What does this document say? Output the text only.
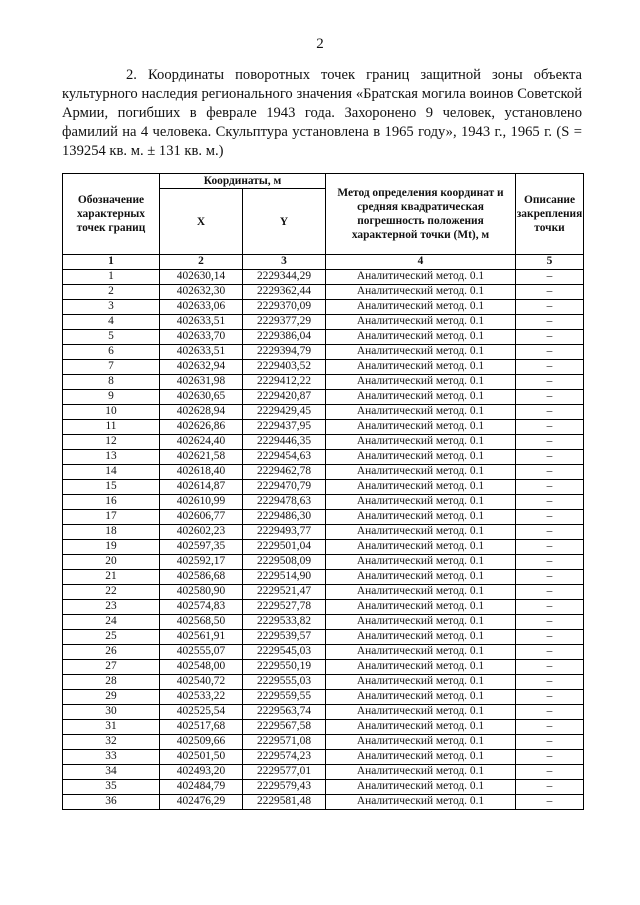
2
2. Координаты поворотных точек границ защитной зоны объекта культурного наследия регионального значения «Братская могила воинов Советской Армии, погибших в феврале 1943 года. Захоронено 9 человек, установлено фамилий на 4 человека. Скульптура установлена в 1965 году», 1943 г., 1965 г. (S = 139254 кв. м. ± 131 кв. м.)
Обозначение характерных точек границ	Координаты, м		Метод определения координат и средняя квадратическая погрешность положения характерной точки (Мt), м	Описание закрепления точки
	X	Y		
1	2	3	4	5
1	402630,14	2229344,29	Аналитический метод. 0.1	–
2	402632,30	2229362,44	Аналитический метод. 0.1	–
3	402633,06	2229370,09	Аналитический метод. 0.1	–
4	402633,51	2229377,29	Аналитический метод. 0.1	–
5	402633,70	2229386,04	Аналитический метод. 0.1	–
6	402633,51	2229394,79	Аналитический метод. 0.1	–
7	402632,94	2229403,52	Аналитический метод. 0.1	–
8	402631,98	2229412,22	Аналитический метод. 0.1	–
9	402630,65	2229420,87	Аналитический метод. 0.1	–
10	402628,94	2229429,45	Аналитический метод. 0.1	–
11	402626,86	2229437,95	Аналитический метод. 0.1	–
12	402624,40	2229446,35	Аналитический метод. 0.1	–
13	402621,58	2229454,63	Аналитический метод. 0.1	–
14	402618,40	2229462,78	Аналитический метод. 0.1	–
15	402614,87	2229470,79	Аналитический метод. 0.1	–
16	402610,99	2229478,63	Аналитический метод. 0.1	–
17	402606,77	2229486,30	Аналитический метод. 0.1	–
18	402602,23	2229493,77	Аналитический метод. 0.1	–
19	402597,35	2229501,04	Аналитический метод. 0.1	–
20	402592,17	2229508,09	Аналитический метод. 0.1	–
21	402586,68	2229514,90	Аналитический метод. 0.1	–
22	402580,90	2229521,47	Аналитический метод. 0.1	–
23	402574,83	2229527,78	Аналитический метод. 0.1	–
24	402568,50	2229533,82	Аналитический метод. 0.1	–
25	402561,91	2229539,57	Аналитический метод. 0.1	–
26	402555,07	2229545,03	Аналитический метод. 0.1	–
27	402548,00	2229550,19	Аналитический метод. 0.1	–
28	402540,72	2229555,03	Аналитический метод. 0.1	–
29	402533,22	2229559,55	Аналитический метод. 0.1	–
30	402525,54	2229563,74	Аналитический метод. 0.1	–
31	402517,68	2229567,58	Аналитический метод. 0.1	–
32	402509,66	2229571,08	Аналитический метод. 0.1	–
33	402501,50	2229574,23	Аналитический метод. 0.1	–
34	402493,20	2229577,01	Аналитический метод. 0.1	–
35	402484,79	2229579,43	Аналитический метод. 0.1	–
36	402476,29	2229581,48	Аналитический метод. 0.1	–
